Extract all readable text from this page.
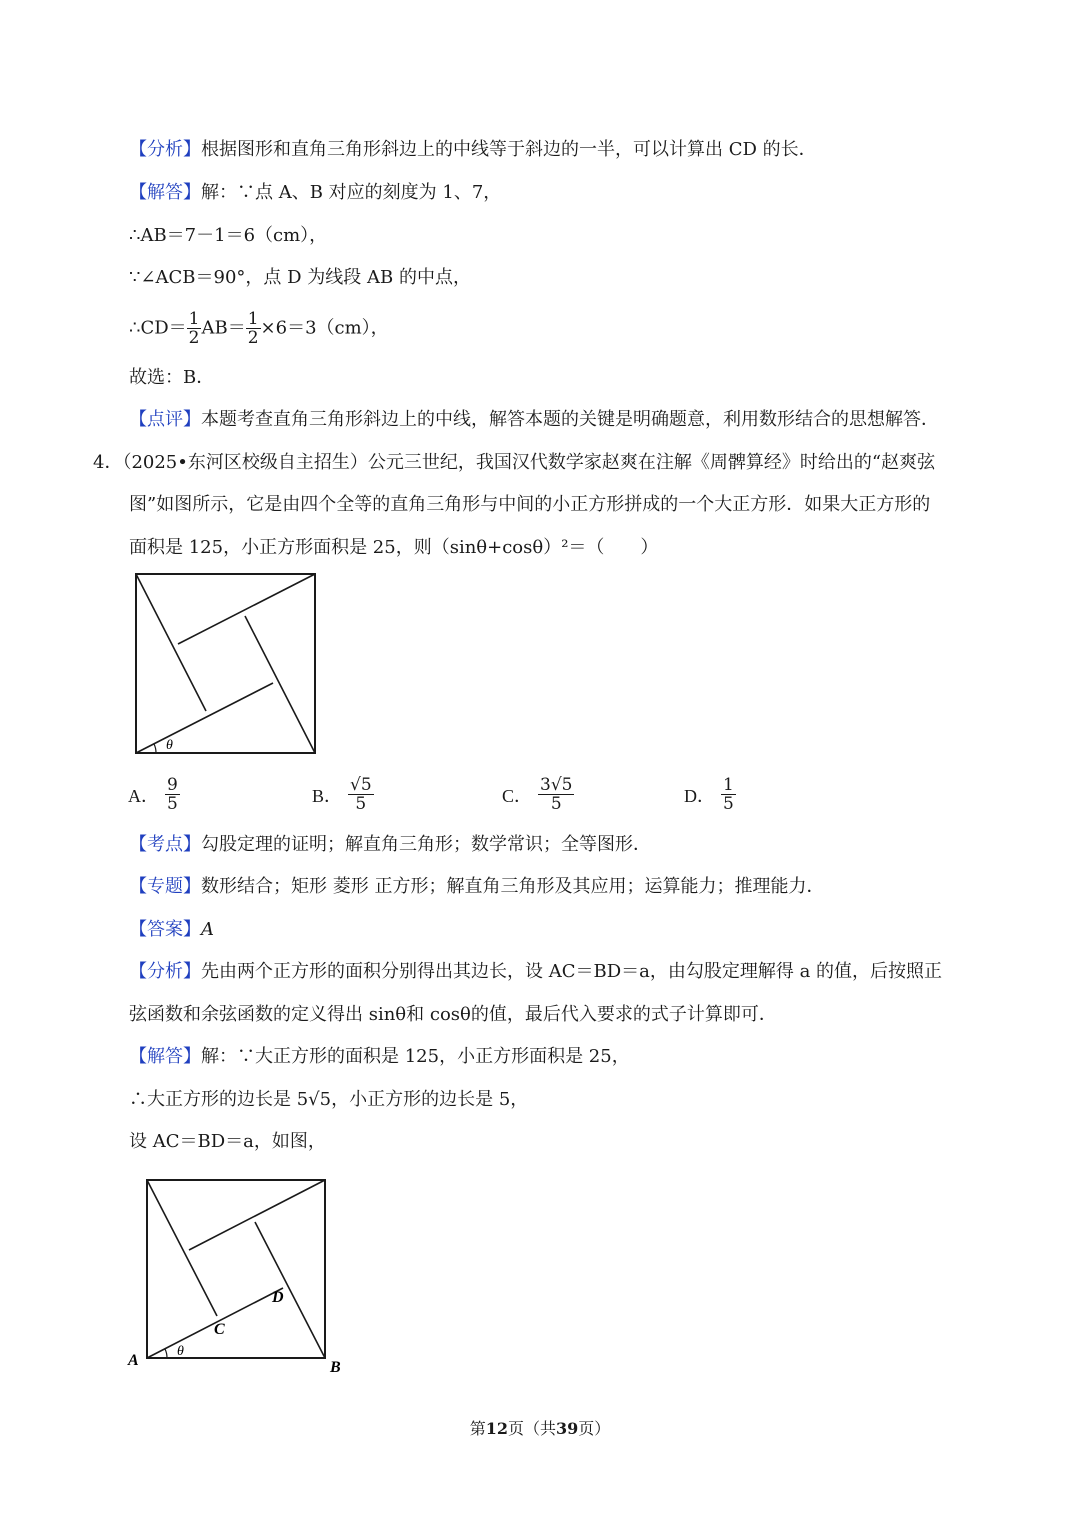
【分析】根据图形和直角三角形斜边上的中线等于斜边的一半，可以计算出 CD 的长．
【解答】解：∵点 A、B 对应的刻度为 1、7，
∴AB＝7－1＝6（cm），
∵∠ACB＝90°，点 D 为线段 AB 的中点，
∴CD＝ $\frac{1}{2} AB= \frac{1}{2} \times 6=3(cm)$，
故选：B．
【点评】本题考查直角三角形斜边上的中线，解答本题的关键是明确题意，利用数形结合的思想解答．
4．（2025•东河区校级自主招生）公元三世纪，我国汉代数学家赵爽在注解《周髀算经》时给出的“赵爽弦
图”如图所示，它是由四个全等的直角三角形与中间的小正方形拼成的一个大正方形．如果大正方形的
面积是 125，小正方形面积是 25，则（sinθ+cosθ）²＝（　　）
θ
A． $\frac{9}{5}$	B． $\frac{√5}{5}$	C． $\frac{3√5}{5}$	D． $\frac{1}{5}$
【考点】勾股定理的证明；解直角三角形；数学常识；全等图形．
【专题】数形结合；矩形 菱形 正方形；解直角三角形及其应用；运算能力；推理能力．
【答案】A
【分析】先由两个正方形的面积分别得出其边长，设 AC＝BD＝a，由勾股定理解得 a 的值，后按照正
弦函数和余弦函数的定义得出 sinθ和 cosθ的值，最后代入要求的式子计算即可．
【解答】解：∵大正方形的面积是 125，小正方形面积是 25，
∴大正方形的边长是 5√5，小正方形的边长是 5，
设 AC＝BD＝a，如图，
θ
A	B
C
D
第12页（共39页）
